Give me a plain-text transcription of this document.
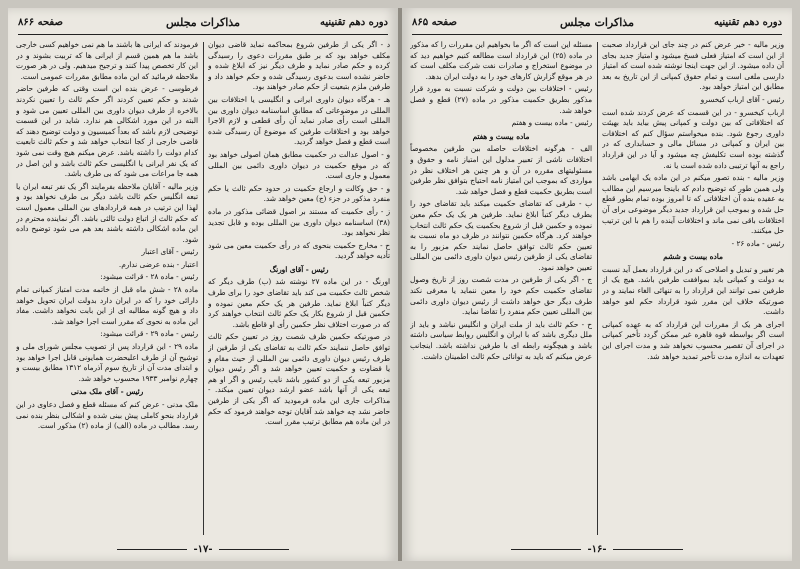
دوره دهم تقنینیه
مذاکرات مجلس
صفحه ۸۶۶

د - اگر یکی از طرفین شروع بمحاکمه نماید قاضی دیوان مکلف خواهد بود که بر طبق مقررات دعوی را رسیدگی کرده و حکم صادر نماید و طرف دیگر نیز که ابلاغ شده و حاضر نشده است بدعوی رسیدگی شده و حکم خواهد داد و طرفین ملزم بتبعیت از حکم صادر خواهند بود.

هـ - هرگاه دیوان داوری ایرانی و انگلیسی یا اختلافات بین المللی در موضوعاتی که مطابق اساسنامه دیوان داوری بین المللی است رأی صادر نماید آن رأی قطعی و لازم الاجرا خواهد بود و اختلافات طرفین که موضوع آن رسیدگی شده است قطع و فصل خواهد گردید.

و - اصول عدالت در حکمیت مطابق همان اصولی خواهد بود که در موقع حکمیت در دیوان داوری دائمی بین المللی معمول و جاری است.

و - حق وکالت و ارجاع حکمیت در حدود حکم ثالث یا حکم منفرد مذکور در جزء (ج) معین خواهد شد.

ز - رأی حکمیت که مستند بر اصول قضائی مذکور در ماده (۳۸) اساسنامه دیوان داوری بین المللی بوده و قابل تجدید نظر نخواهد بود.

ح - مخارج حکمیت بنحوی که در رأی حکمیت معین می شود تأدیه خواهد گردید.

رئیس - آقای اورنگ

اورنگ - در این ماده ۲۷ نوشته شد (ب) طرف دیگر که شخص ثالث حکمیت می کند باید تقاضای خود را برای طرف دیگر کتباً ابلاغ نماید. طرفین هر یک حکم معین نموده و حکمین قبل از شروع بکار یک حکم ثالث انتخاب خواهند کرد که در صورت اختلاف نظر حکمین رأی او قاطع باشد.

در صورتیکه حکمین ظرف شصت روز در تعیین حکم ثالث توافق حاصل ننمایند حکم ثالث به تقاضای یکی از طرفین از طرف رئیس دیوان داوری دائمی بین المللی از حیث مقام و یا قضاوت و حکمیت تعیین خواهد شد و اگر رئیس دیوان مزبور تبعه یکی از دو کشور باشد نایب رئیس و اگر او هم تبعه یکی از آنها باشد عضو ارشد دیوان تعیین میکند. - مذاکرات جاری این ماده فرمودید که اگر یکی از طرفین حاضر نشد چه خواهد شد آقایان توجه خواهند فرمود که حکم در این ماده هم مطابق ترتیب مقرر است.

فرمودند که ایرانی ها باشند ما هم نمی خواهیم کسی خارجی باشد ما هم همین قسم از ایرانی ها که تربیت بشوند و در این کار تخصص پیدا کنند و ترجیح میدهیم. ولی در هر صورت ملاحظه فرمائید که این ماده مطابق مقررات عمومی است.

فرطوسی - عرض بنده این است وقتی که طرفین حاضر شدند و حکم تعیین کردند اگر حکم ثالث را تعیین نکردند بالاخره از طرف دیوان داوری بین المللی تعیین می شود و البته در این مورد اشکالی هم ندارد. شاید در این قسمت توضیحی لازم باشد که بعداً کمیسیون و دولت توضیح دهند که قاضی خارجی از کجا انتخاب خواهد شد و حکم ثالث تابعیت کدام دولت را داشته باشد. عرض میکنم هیچ وقت نمی شود که یک نفر ایرانی یا انگلیسی حکم ثالث باشد و این اصل در همه جا مراعات می شود که بی طرف باشد.

وزیر مالیه - آقایان ملاحظه بفرمایند اگر یک نفر تبعه ایران یا تبعه انگلیس حکم ثالث باشد دیگر بی طرف نخواهد بود و لهذا این ترتیب در همه قراردادهای بین المللی معمول است که حکم ثالث از اتباع دولت ثالثی باشد. اگر نماینده محترم در این ماده اشکالی داشته باشند بعد هم می شود توضیح داده شود.

رئیس - آقای اعتبار

اعتبار - بنده عرضی ندارم.

رئیس - ماده ۲۸ - قرائت میشود:

ماده ۲۸ - شش ماه قبل از خاتمه مدت امتیاز کمپانی تمام دارائی خود را که در ایران دارد بدولت ایران تحویل خواهد داد و هیچ گونه مطالبه ای از این بابت نخواهد داشت. مفاد این ماده به نحوی که مقرر است اجرا خواهد شد.

رئیس - ماده ۲۹ - قرائت میشود:

ماده ۲۹ - این قرارداد پس از تصویب مجلس شورای ملی و توشیح آن از طرف اعلیحضرت همایونی قابل اجرا خواهد بود و ابتدای مدت آن از تاریخ سوم آذرماه ۱۳۱۲ مطابق بیست و چهارم نوامبر ۱۹۳۳ محسوب خواهد شد.

رئیس - آقای ملک مدنی

ملک مدنی - عرض کنم که مسئله قطع و فصل دعاوی در این قرارداد بنحو کاملی پیش بینی شده و اشکالی بنظر بنده نمی رسد. مطالب در ماده (الف) از ماده (۲) مذکور است.

-۱۷-
دوره دهم تقنینیه
مذاکرات مجلس
صفحه ۸۶۵

وزیر مالیه - خیر عرض کنم در چند جای این قرارداد صحبت از این است که امتیاز فعلی فسخ میشود و امتیاز جدید بجای آن داده میشود. از این جهت اینجا نوشته شده است که امتیاز دارسی ملغی است و تمام حقوق کمپانی از این تاریخ به بعد مطابق این امتیاز خواهد بود.

رئیس - آقای ارباب کیخسرو

ارباب کیخسرو - در این قسمت که عرض کردند شده است که اختلافاتی که بین دولت و کمپانی پیش بیاید باید بهیئت داوری رجوع شود. بنده میخواستم سؤال کنم که اختلافات بین ایران و کمپانی در مسائل مالی و حسابداری که در گذشته بوده است تکلیفش چه میشود و آیا در این قرارداد راجع به آنها ترتیبی داده شده است یا نه.

وزیر مالیه - بنده تصور میکنم در این ماده یک ابهامی باشد ولی همین طور که توضیح دادم که باینجا میرسیم این مطالب به عقیده بنده آن اختلافاتی که تا امروز بوده تمام بطور قطع حل شده و بموجب این قرارداد جدید دیگر موضوعی برای آن اختلافات باقی نمی ماند و اختلافات آینده را هم با این ترتیب حل میکنند.

رئیس - ماده ۲۶ -

ماده بیست و ششم

هر تغییر و تبدیل و اصلاحی که در این قرارداد بعمل آید نسبت به دولت و کمپانی باید بموافقت طرفین باشد. هیچ یک از طرفین نمی توانند این قرارداد را به تنهائی الغاء نمایند و در صورتیکه خلاف این مقرر شود قرارداد حکم لغو خواهد داشت.

اجرای هر یک از مقررات این قرارداد که به عهده کمپانی است اگر بواسطه قوه قاهره غیر ممکن گردد تأخیر کمپانی در اجرای آن تقصیر محسوب نخواهد شد و مدت اجرای این تعهدات به اندازه مدت تأخیر تمدید خواهد شد.

مسئله این است که اگر ما بخواهیم این مقررات را که مذکور در ماده (۲۵) این قرارداد است مطالعه کنیم خواهیم دید که در موضوع استخراج و صادرات نفت شرکت مکلف است که در هر موقع گزارش کارهای خود را به دولت ایران بدهد.

رئیس - اختلافات بین دولت و شرکت نسبت به مورد قرار مذکور بطریق حکمیت مذکور در ماده (۲۷) قطع و فصل خواهد شد.

رئیس - ماده بیست و هفتم

ماده بیست و هفتم

الف - هرگونه اختلافات حاصله بین طرفین مخصوصاً اختلافات ناشی از تعبیر مدلول این امتیاز نامه و حقوق و مسئولیتهای مقرره در آن و هر چنین هر اختلاف نظر در مواردی که بموجب این امتیاز نامه احتیاج بتوافق نظر طرفین است بطریق حکمیت قطع و فصل خواهد شد.

ب - طرفی که تقاضای حکمیت میکند باید تقاضای خود را بطرف دیگر کتباً ابلاغ نماید. طرفین هر یک یک حکم معین نموده و حکمین قبل از شروع بحکمیت یک حکم ثالث انتخاب خواهند کرد. هرگاه حکمین نتوانند در ظرف دو ماه نسبت به تعیین حکم ثالث توافق حاصل نمایند حکم مزبور را به تقاضای یکی از طرفین رئیس دیوان داوری دائمی بین المللی تعیین خواهد نمود.

ج - اگر یکی از طرفین در مدت شصت روز از تاریخ وصول تقاضای حکمیت حکم خود را معین ننماید یا معرفی نکند طرف دیگر حق خواهد داشت از رئیس دیوان داوری دائمی بین المللی تعیین حکم منفرد را تقاضا نماید.

ح - حکم ثالث باید از ملت ایران و انگلیس نباشد و باید از ملل دیگری باشد که با ایران و انگلیس روابط سیاسی داشته باشد و هیچگونه رابطه ای با طرفین نداشته باشد. اینجانب عرض میکنم که باید به توانائی حکم ثالث اطمینان داشت.

-۱۶-
